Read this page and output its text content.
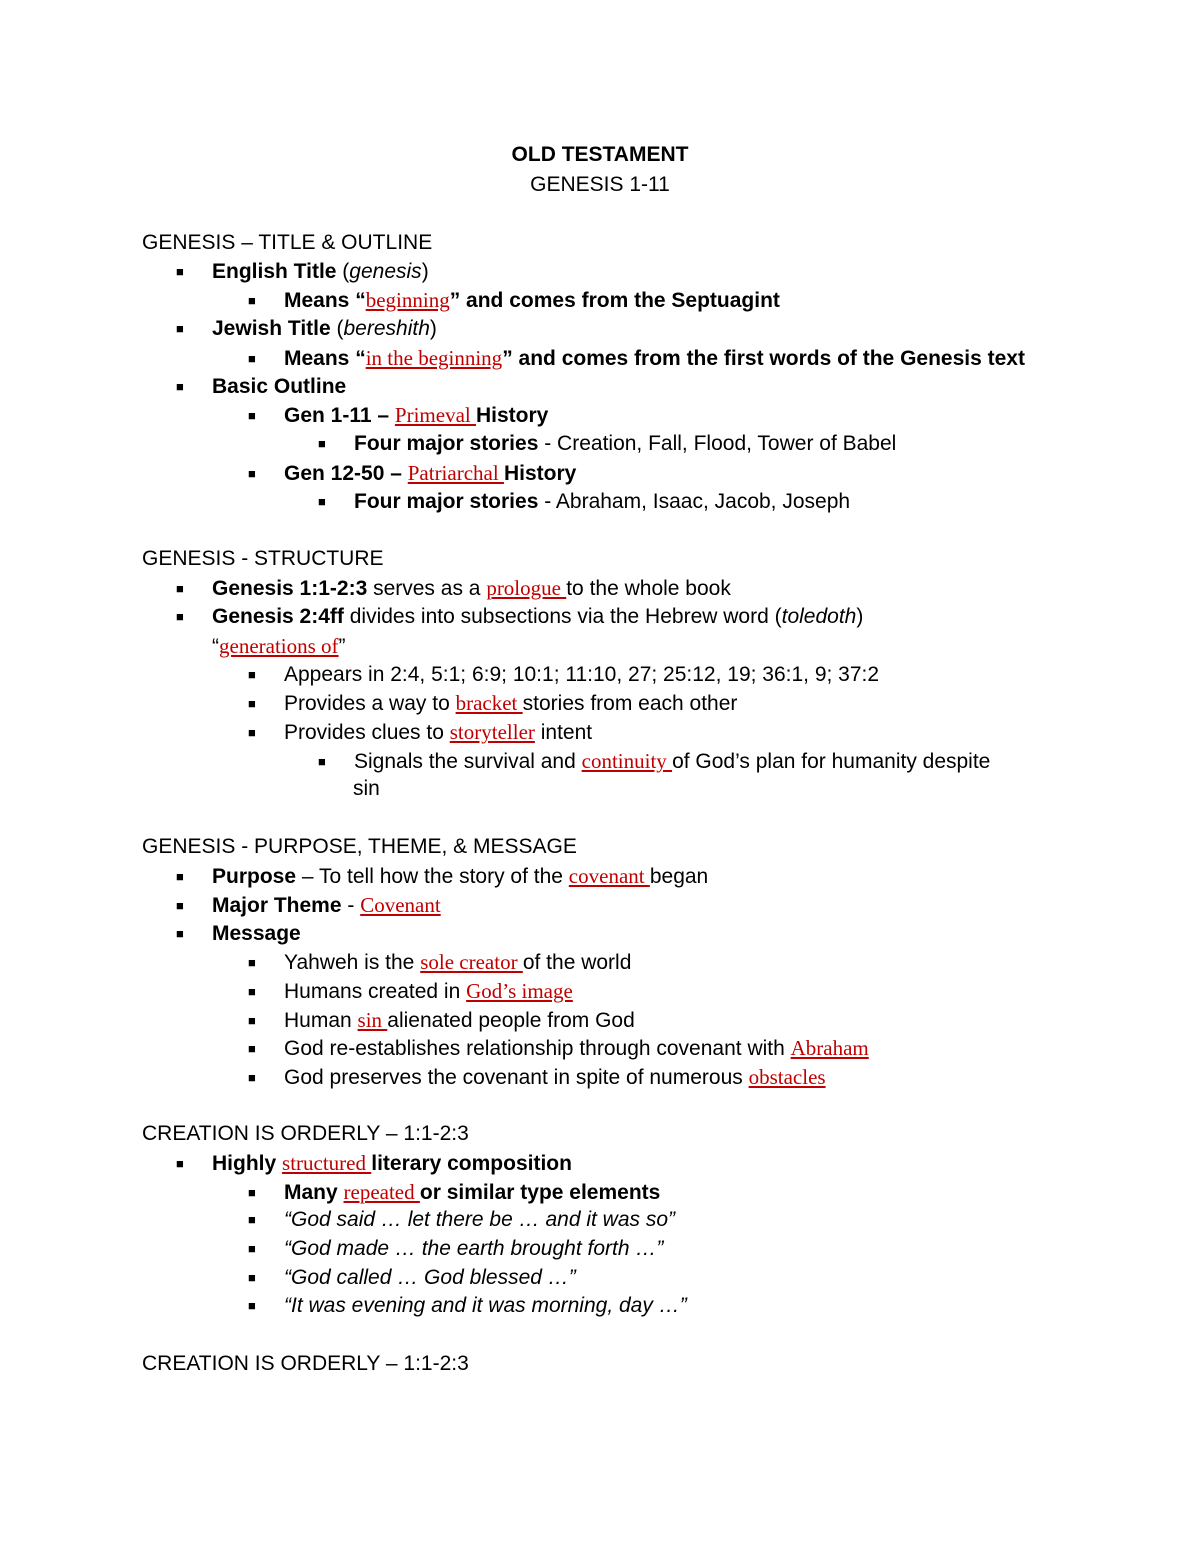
OLD TESTAMENT
GENESIS 1-11
GENESIS – TITLE & OUTLINE
■ English Title (genesis)
■ Means “beginning” and comes from the Septuagint
■ Jewish Title (bereshith)
■ Means “in the beginning” and comes from the first words of the Genesis text
■ Basic Outline
■ Gen 1-11 – Primeval History
■ Four major stories - Creation, Fall, Flood, Tower of Babel
■ Gen 12-50 – Patriarchal History
■ Four major stories - Abraham, Isaac, Jacob, Joseph
GENESIS - STRUCTURE
■ Genesis 1:1-2:3 serves as a prologue to the whole book
■ Genesis 2:4ff divides into subsections via the Hebrew word (toledoth)
“generations of”
■ Appears in 2:4, 5:1; 6:9; 10:1; 11:10, 27; 25:12, 19; 36:1, 9; 37:2
■ Provides a way to bracket stories from each other
■ Provides clues to storyteller intent
■ Signals the survival and continuity of God’s plan for humanity despite
sin
GENESIS - PURPOSE, THEME, & MESSAGE
■ Purpose – To tell how the story of the covenant began
■ Major Theme - Covenant
■ Message
■ Yahweh is the sole creator of the world
■ Humans created in God’s image
■ Human sin alienated people from God
■ God re-establishes relationship through covenant with Abraham
■ God preserves the covenant in spite of numerous obstacles
CREATION IS ORDERLY – 1:1-2:3
■ Highly structured literary composition
■ Many repeated or similar type elements
■ “God said … let there be … and it was so”
■ “God made … the earth brought forth …”
■ “God called … God blessed …”
■ “It was evening and it was morning, day …”
CREATION IS ORDERLY – 1:1-2:3
